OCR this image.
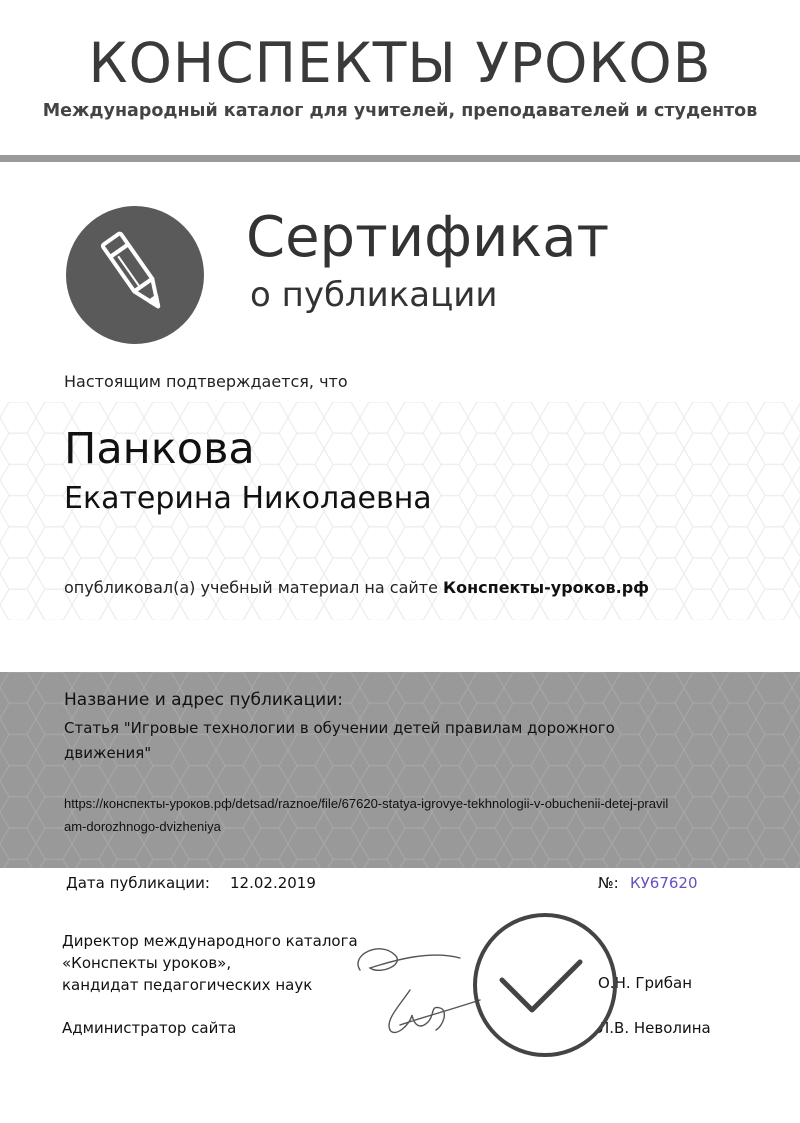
КОНСПЕКТЫ УРОКОВ
Международный каталог для учителей, преподавателей и студентов
Сертификат
о публикации
Настоящим подтверждается, что
Панкова
Екатерина Николаевна
опубликовал(а) учебный материал на сайте Конспекты-уроков.рф
Название и адрес публикации:
Статья "Игровые технологии в обучении детей правилам дорожного движения"
https://конспекты-уроков.рф/detsad/raznoe/file/67620-statya-igrovye-tekhnologii-v-obuchenii-detej-pravilam-dorozhnogo-dvizheniya
Дата публикации: 12.02.2019	№: КУ67620
Директор международного каталога
«Конспекты уроков»,
кандидат педагогических наук	О.Н. Грибан
Администратор сайта	Л.В. Неволина
